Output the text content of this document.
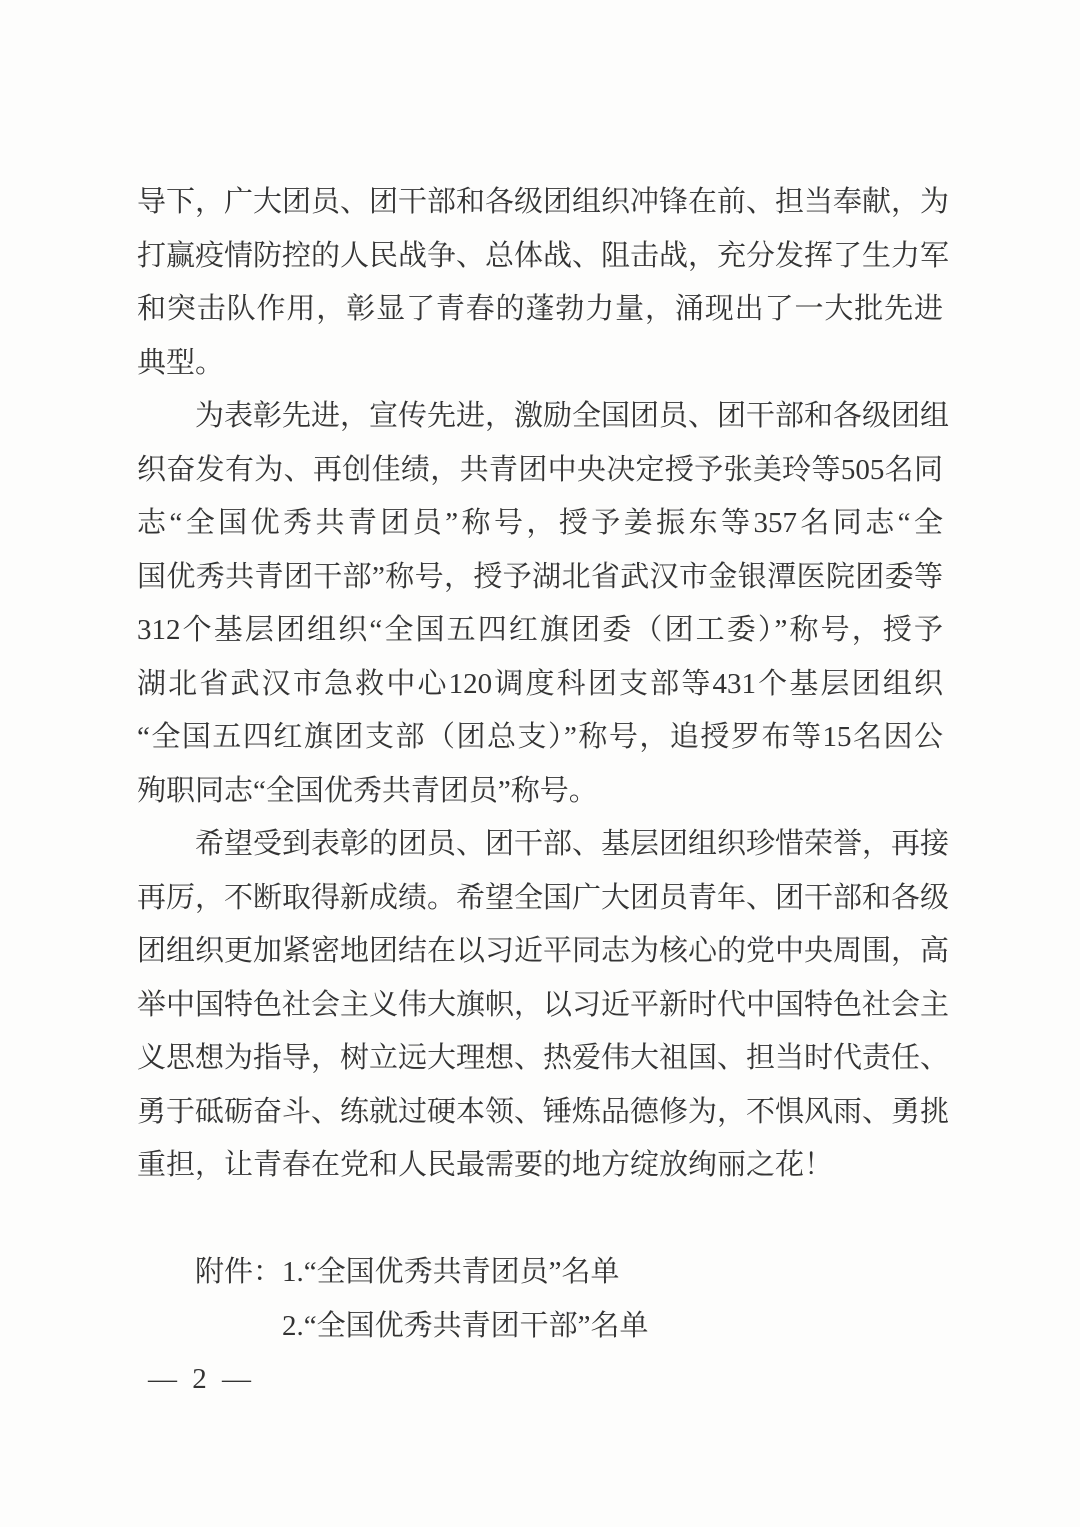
导下，广大团员、团干部和各级团组织冲锋在前、担当奉献，为
打赢疫情防控的人民战争、总体战、阻击战，充分发挥了生力军
和突击队作用，彰显了青春的蓬勃力量，涌现出了一大批先进
典型。
为表彰先进，宣传先进，激励全国团员、团干部和各级团组
织奋发有为、再创佳绩，共青团中央决定授予张美玲等505名同
志“全国优秀共青团员”称号，授予姜振东等357名同志“全
国优秀共青团干部”称号，授予湖北省武汉市金银潭医院团委等
312个基层团组织“全国五四红旗团委（团工委）”称号，授予
湖北省武汉市急救中心120调度科团支部等431个基层团组织
“全国五四红旗团支部（团总支）”称号，追授罗布等15名因公
殉职同志“全国优秀共青团员”称号。
希望受到表彰的团员、团干部、基层团组织珍惜荣誉，再接
再厉，不断取得新成绩。希望全国广大团员青年、团干部和各级
团组织更加紧密地团结在以习近平同志为核心的党中央周围，高
举中国特色社会主义伟大旗帜，以习近平新时代中国特色社会主
义思想为指导，树立远大理想、热爱伟大祖国、担当时代责任、
勇于砥砺奋斗、练就过硬本领、锤炼品德修为，不惧风雨、勇挑
重担，让青春在党和人民最需要的地方绽放绚丽之花！
附件： 1.“全国优秀共青团员”名单
2.“全国优秀共青团干部”名单
— 2 —
